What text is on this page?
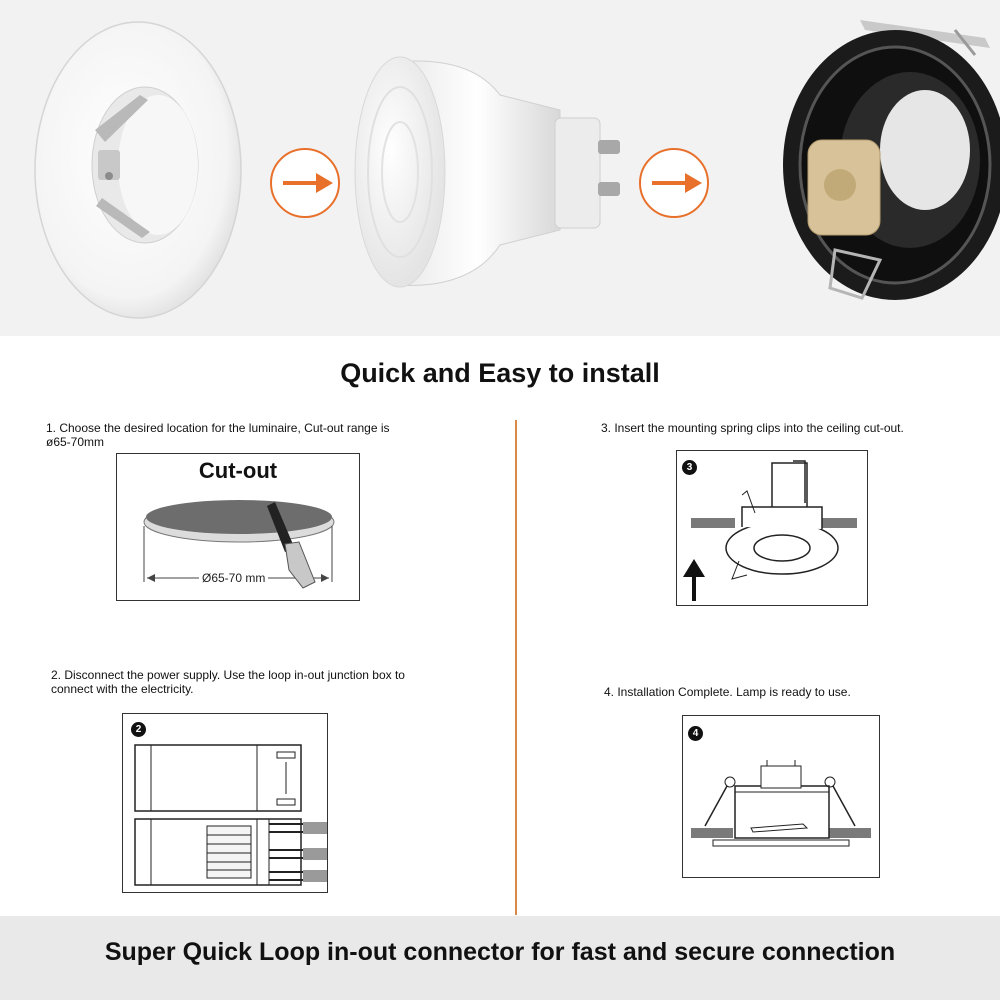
Quick and Easy to install
1. Choose the desired location for the luminaire, Cut-out range is
ø65-70mm
Cut-out
Ø65-70 mm
2. Disconnect the power supply. Use the loop in-out junction box to
connect with the electricity.
2
3. Insert the mounting spring clips into the ceiling cut-out.
3
4. Installation Complete. Lamp is ready to use.
4
Super Quick Loop in-out connector for fast and secure connection
